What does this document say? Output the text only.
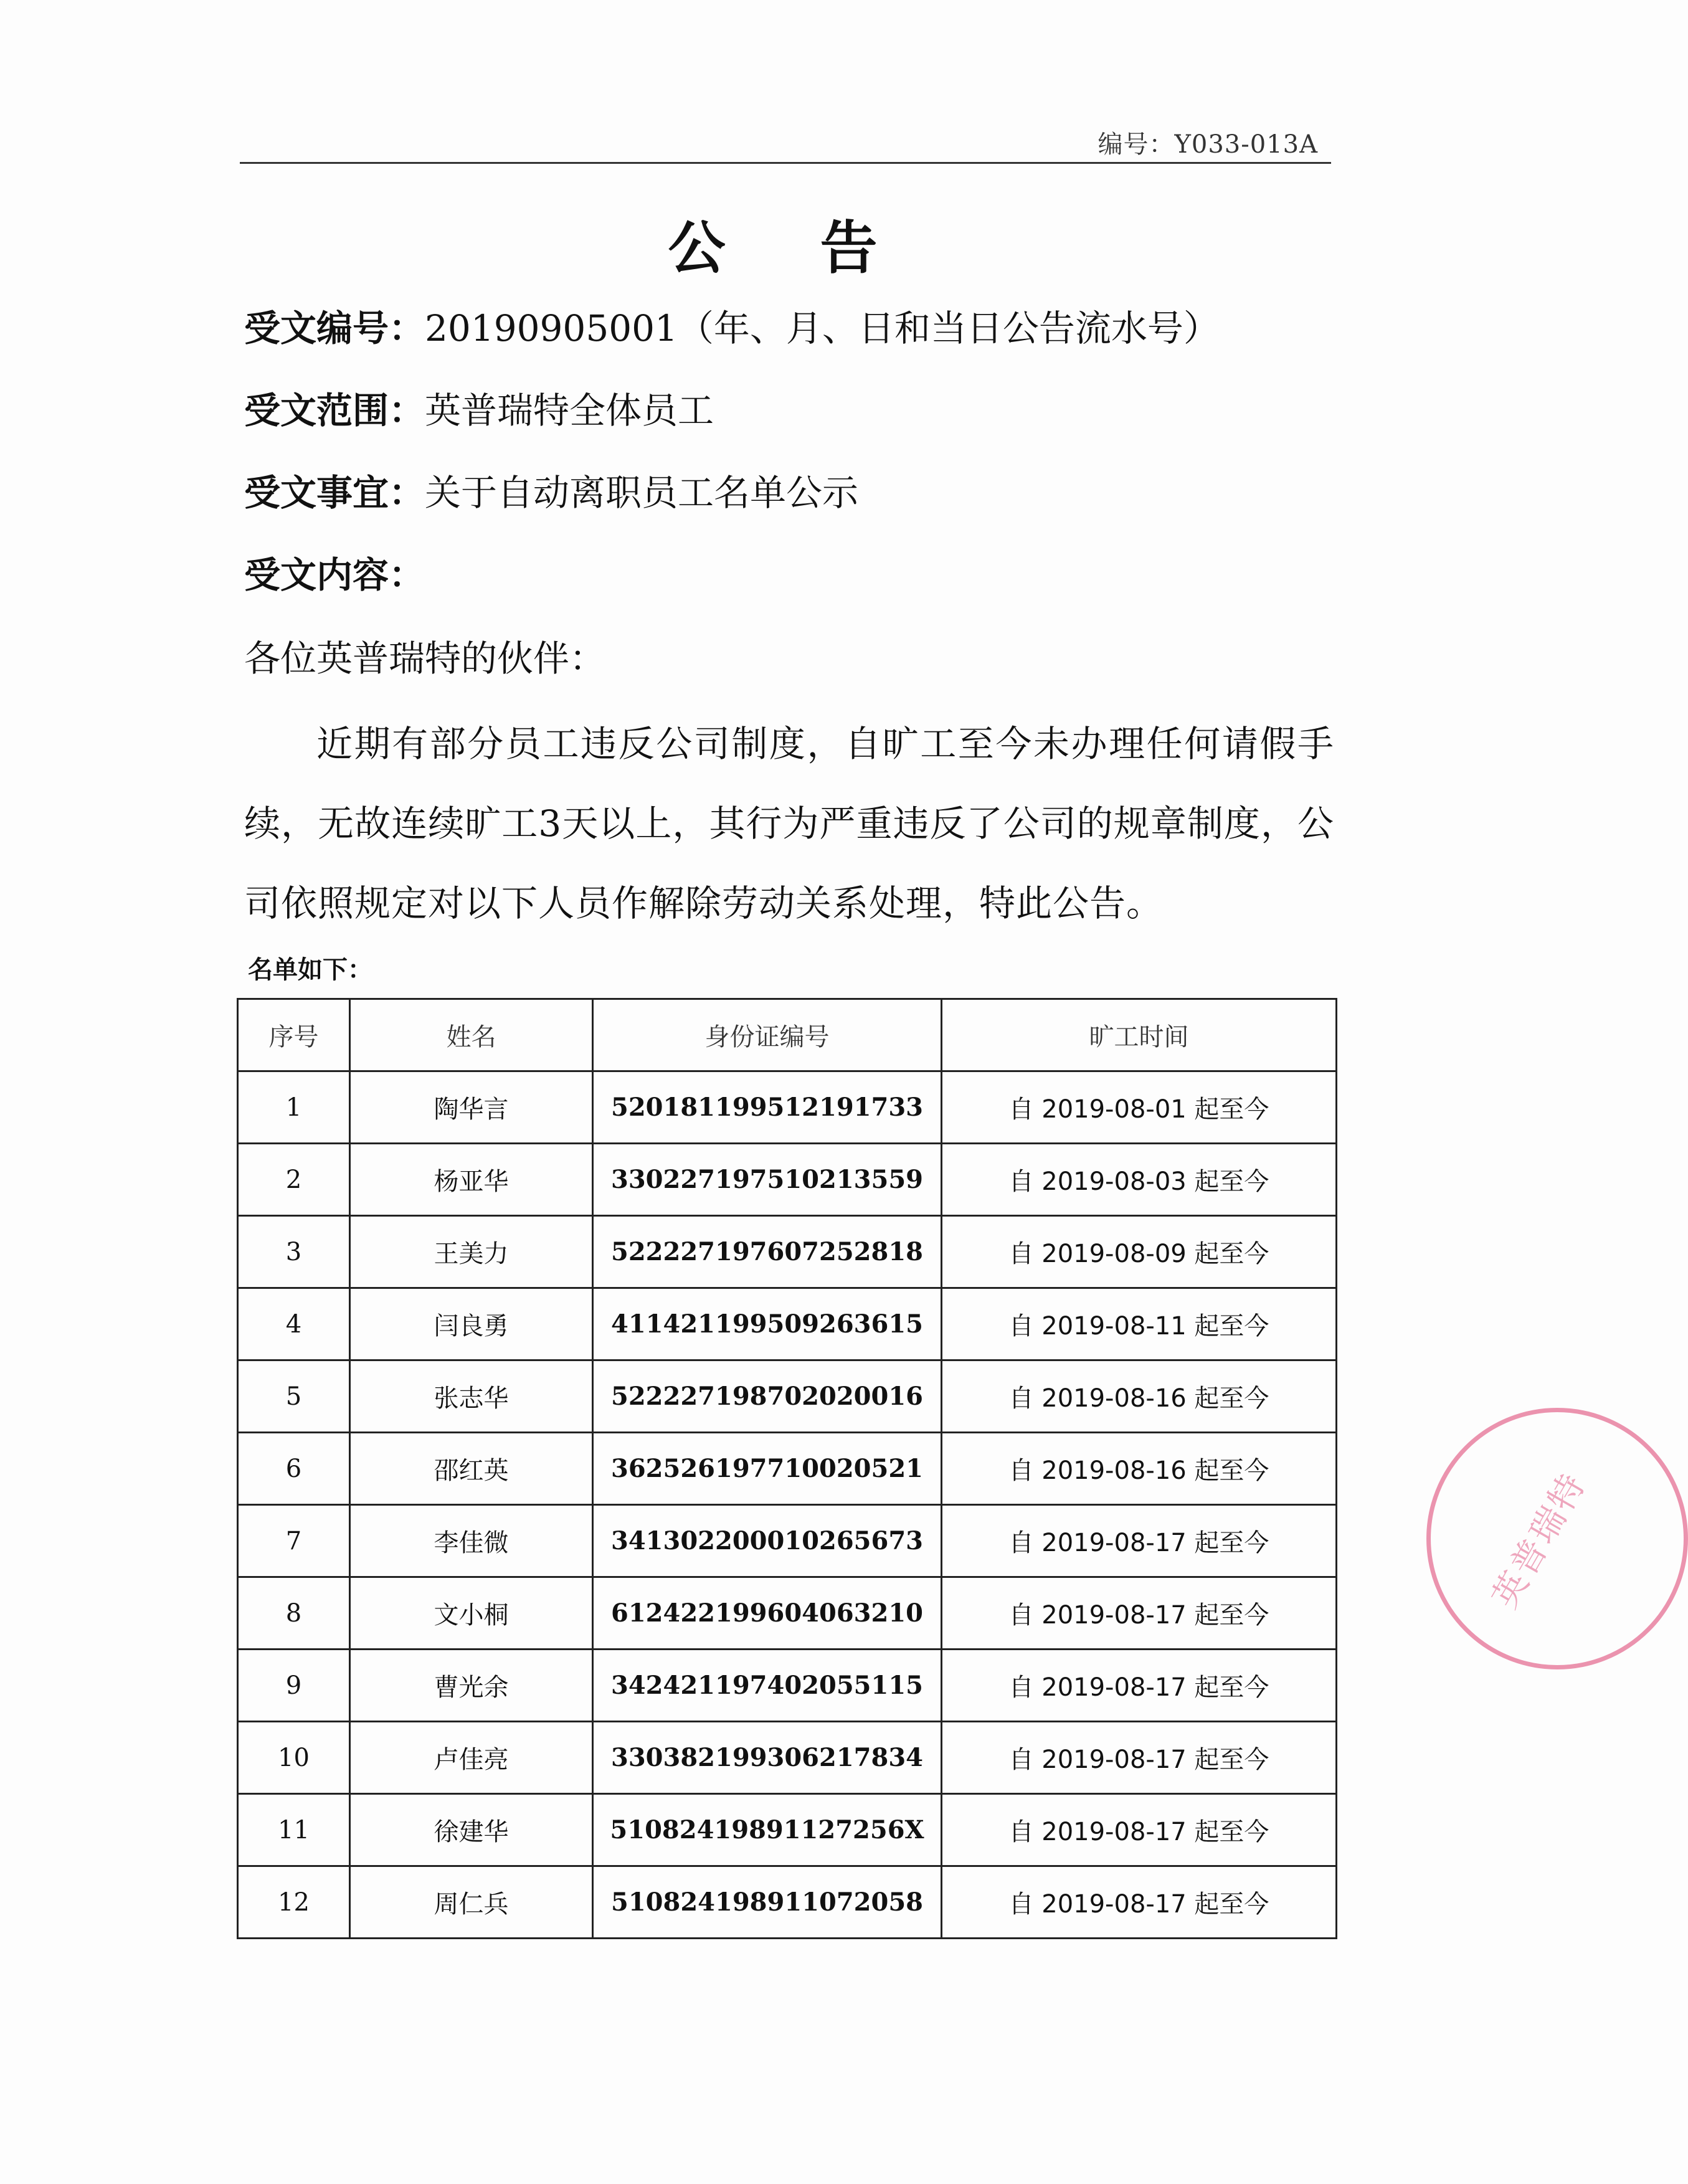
编号：Y033-013A
公 告
受文编号：20190905001（年、月、日和当日公告流水号）
受文范围：英普瑞特全体员工
受文事宜：关于自动离职员工名单公示
受文内容：
各位英普瑞特的伙伴：
近期有部分员工违反公司制度，自旷工至今未办理任何请假手续，无故连续旷工3天以上，其行为严重违反了公司的规章制度，公司依照规定对以下人员作解除劳动关系处理，特此公告。
名单如下：
序号	姓名	身份证编号	旷工时间
1	陶华言	520181199512191733	自 2019-08-01 起至今
2	杨亚华	330227197510213559	自 2019-08-03 起至今
3	王美力	522227197607252818	自 2019-08-09 起至今
4	闫良勇	411421199509263615	自 2019-08-11 起至今
5	张志华	522227198702020016	自 2019-08-16 起至今
6	邵红英	362526197710020521	自 2019-08-16 起至今
7	李佳微	341302200010265673	自 2019-08-17 起至今
8	文小桐	612422199604063210	自 2019-08-17 起至今
9	曹光余	342421197402055115	自 2019-08-17 起至今
10	卢佳亮	330382199306217834	自 2019-08-17 起至今
11	徐建华	51082419891127256X	自 2019-08-17 起至今
12	周仁兵	510824198911072058	自 2019-08-17 起至今
英普瑞特
